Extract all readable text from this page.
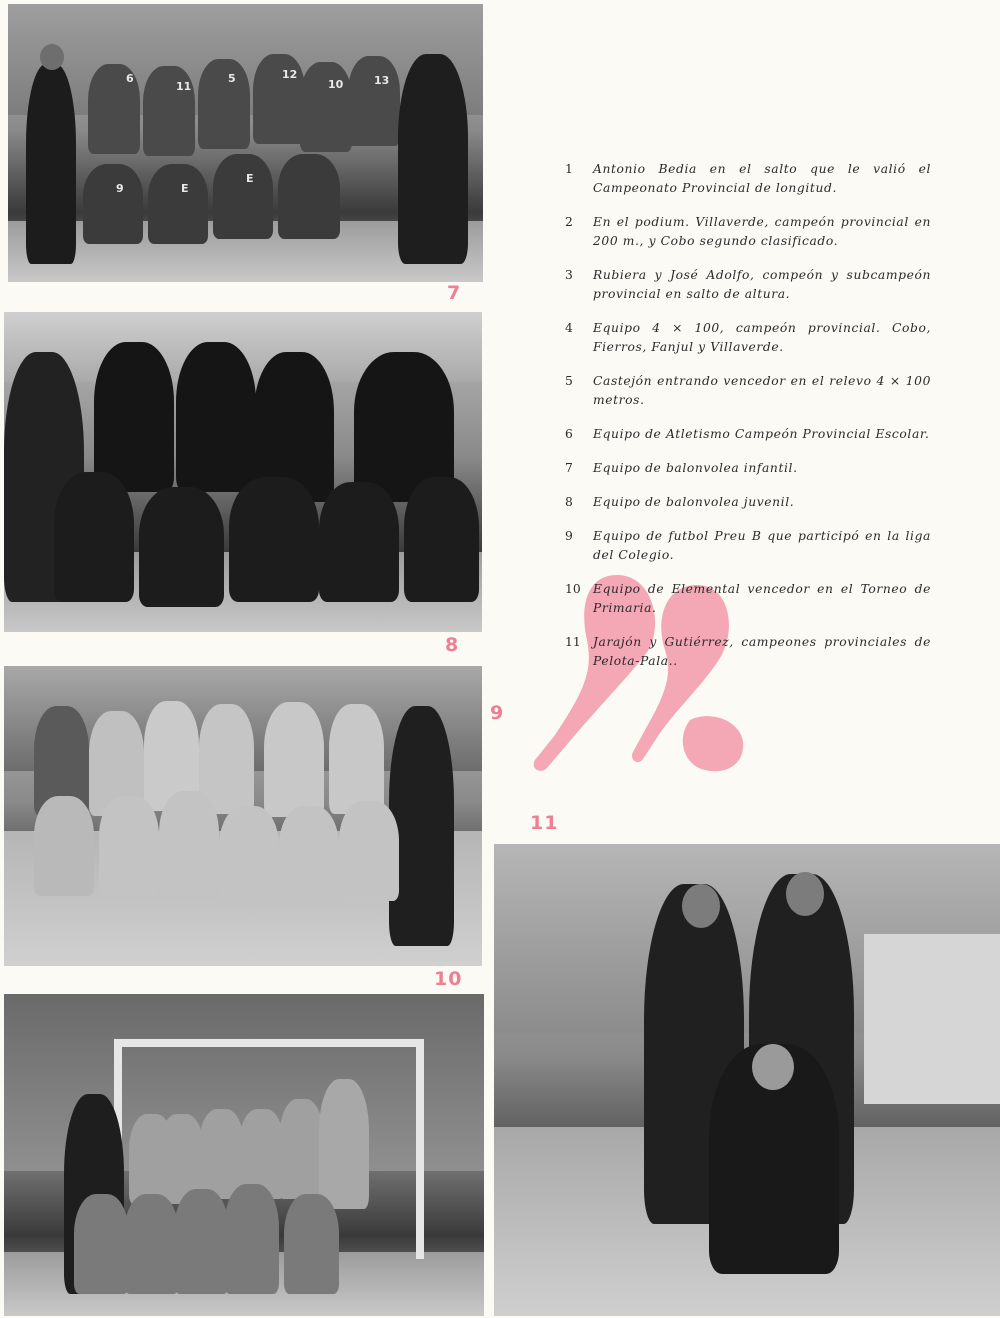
7
8
9
10
11
1	Antonio Bedia en el salto que le valió el Campeonato Provincial de longitud.
2	En el podium. Villaverde, campeón provincial en 200 m., y Cobo segundo clasificado.
3	Rubiera y José Adolfo, compeón y subcampeón provincial en salto de altura.
4	Equipo 4 × 100, campeón provincial. Cobo, Fierros, Fanjul y Villaverde.
5	Castejón entrando vencedor en el relevo 4 × 100 metros.
6	Equipo de Atletismo Campeón Provincial Escolar.
7	Equipo de balonvolea infantil.
8	Equipo de balonvolea juvenil.
9	Equipo de futbol Preu B que participó en la liga del Colegio.
10	Equipo de Elemental vencedor en el Torneo de Primaria.
11	Jarajón y Gutiérrez, campeones provinciales de Pelota-Pala..
6
11
5	12
10	13
9	E
E
